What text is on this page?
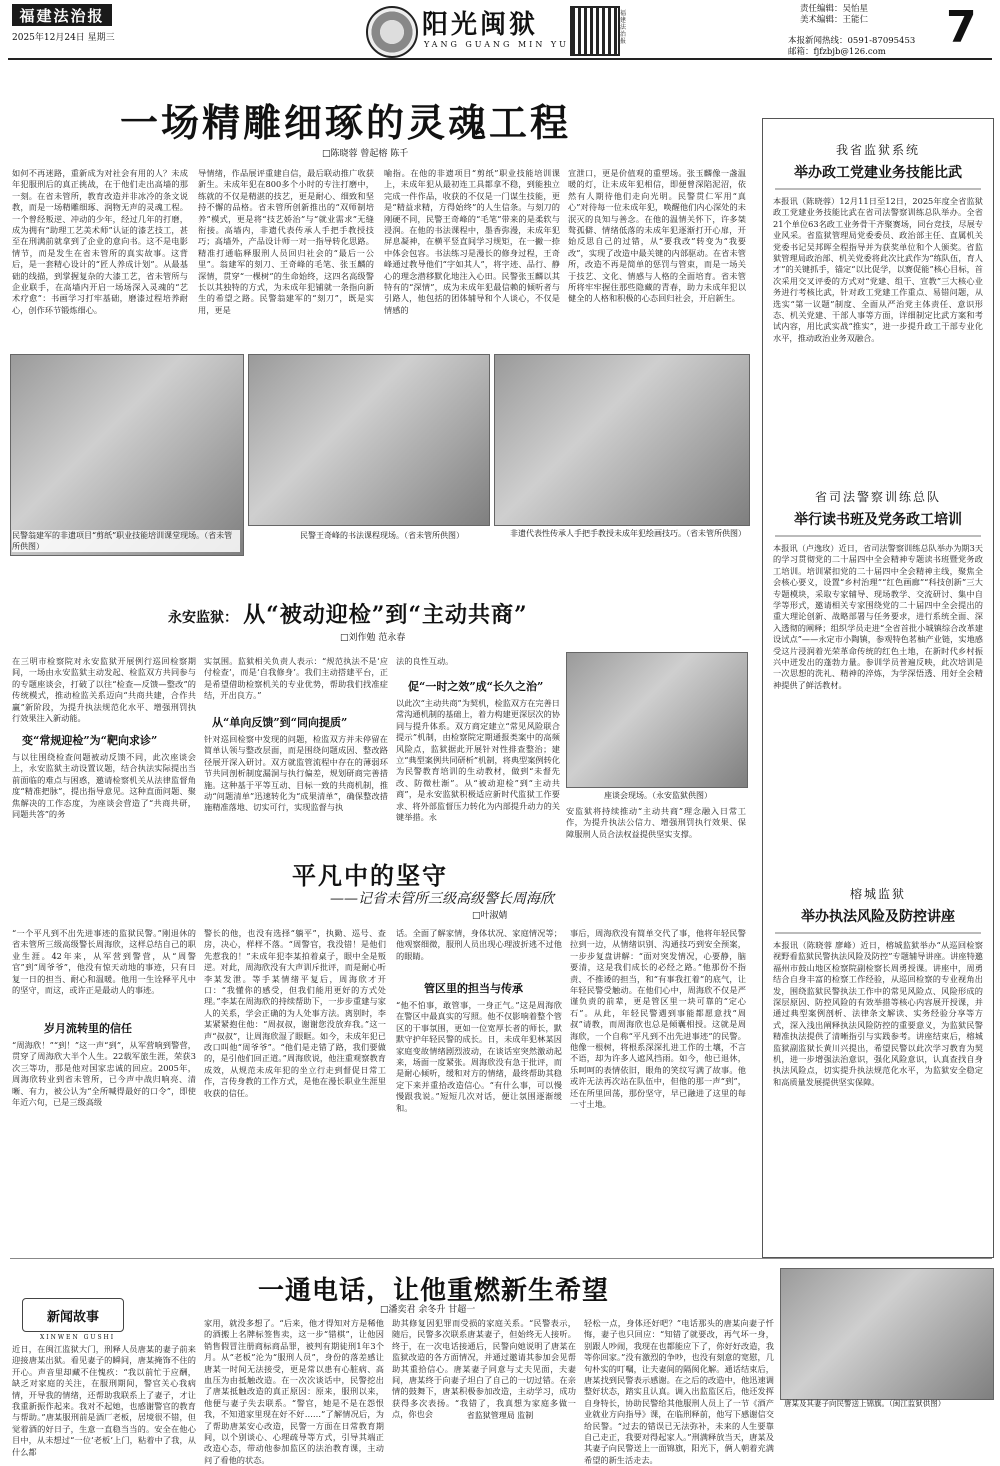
福建法治报
2025年12月24日 星期三	阳光闽狱
YANG GUANG MIN YU
福建法治报
责任编辑：吴怡星
美术编辑：王能仁
本报新闻热线：0591-87095453
邮箱：fjfzbjb@126.com	7
一场精雕细琢的灵魂工程
□陈晓蓉 曾起榕 陈千
如何不再迷路，重新成为对社会有用的人？未成年犯服刑后的真正挑战，在于他们走出高墙的那一刻。在省未管所，教育改造并非冰冷的条文说教，而是一场精雕细琢、润物无声的灵魂工程。一个曾经叛逆、冲动的少年，经过几年的打磨，成为拥有“助理工艺美术师”认证的漆艺技工，甚至在刑满前就拿到了企业的意向书。这不是电影情节，而是发生在省未管所的真实故事。这背后，是一套精心设计的“匠人养成计划”。从最基础的线描，到掌握复杂的大漆工艺，省未管所与企业联手，在高墙内开启一场场深入灵魂的“艺术疗愈”：书画学习打牢基础，磨漆过程培养耐心，创作环节锻炼细心。
导情绪，作品展评重建自信，最后联动推广收获新生。未成年犯在800多个小时的专注打磨中，练就的不仅是精湛的技艺，更是耐心、细致和坚持不懈的品格。省未管所创新推出的“双师制培养”模式，更是将“技艺娇治”与“就业需求”无缝衔接。高墙内，非遗代表传承人手把手教授技巧；高墙外，产品设计师一对一指导转化思路。精准打通临释服刑人员回归社会的“最后一公里”。翁建军的刻刀、王奇峰的毛笔、张玉麟的深情，贯穿“一棵树”的生命始终，这四名高级警长以其独特的方式，为未成年犯铺就一条指向新生的希望之路。民警翁建军的“刻刀”，既是实用，更是
喻指。在他的非遗项目“剪纸”职业技能培训课上，未成年犯从最初连工具都拿不稳，到能独立完成一件作品，收获的不仅是一门谋生技能，更是“精益求精，方得始终”的人生信条。与刻刀的刚硬不同，民警王奇峰的“毛笔”带来的是柔软与浸润。在他的书法课程中，墨香弥漫，未成年犯屏息凝神，在横平竖直间学习规矩，在一撇一捺中体会包容。书法练习是漫长的修身过程，王奇峰通过教导他们“字如其人”，将字迹、品行、静心的理念潜移默化地注入心田。民警张玉麟以其特有的“深情”，成为未成年犯最信赖的倾听者与引路人，他包括的团体辅导和个人谈心，不仅是情感的
宣泄口，更是价值观的重塑场。张玉麟像一盏温暖的灯，让未成年犯相信，即便曾深陷泥沼，依然有人期待他们走向光明。民警贯仁军用“真心”对待每一位未成年犯，唤醒他们内心深处的未泯灭的良知与善念。在他的温情关怀下，许多桀骜孤僻、情绪低落的未成年犯逐渐打开心扉，开始反思自己的过错，从“要我改”转变为“我要改”，实现了改造中最关键的内部驱动。在省未管所，改造不再是简单的惩罚与管束，而是一场关于技艺、文化、情感与人格的全面培育。省未管所将牢牢握住那些隐藏的青春，助力未成年犯以健全的人格和积极的心态回归社会，开启新生。
民警翁建军的非遗项目“剪纸”职业技能培训课堂现场。（省未管所供图）
民警王奇峰的书法课程现场。（省未管所供图）	非遗代表性传承人手把手教授未成年犯绘画技巧。（省未管所供图）
永安监狱： 从“被动迎检”到“主动共商”
□刘作勉 范永春
在三明市检察院对永安监狱开展例行巡回检察期间，一场由永安监狱主动发起、检监双方共同参与的专题座谈会，打破了以往“检查—反馈—整改”的传统模式，推动检监关系迈向“共商共建，合作共赢”新阶段，为提升执法规范化水平、增强刑罚执行效果注入新动能。
变“常规迎检”为“靶向求诊”
与以往围绕检查问题被动反馈不同，此次座谈会上，永安监狱主动设置议题，结合执法实际提出当前面临的难点与困惑，邀请检察机关从法律监督角度“精准把脉”，提出指导意见。这种直面问题、聚焦解决的工作态度，为座谈会营造了“共商共研，同题共答”的务
实氛围。监狱相关负责人表示：“规范执法不是‘应付检查’，而是‘自我修身’。我们主动搭建平台，正是希望借助检察机关的专业优势，帮助我们找准症结，开出良方。”
从“单向反馈”到“同向提质”
针对巡回检察中发现的问题，检监双方并未停留在简单认领与整改层面，而是围绕问题成因、整改路径展开深入研讨。双方就监管流程中存在的薄弱环节共同剖析制度漏洞与执行偏差，规划研商完善措施。这种基于平等互动、目标一致的共商机制，推动“问题清单”迅速转化为“成果清单”，确保整改措施精准落地、切实可行，实现监督与执
法的良性互动。
促“一时之效”成“长久之治”
以此次“主动共商”为契机，检监双方在完善日常沟通机制的基础上，着力构建更深层次的协同与提升体系。双方商定建立“常见风险联合提示”机制，由检察院定期通报类案中的高频风险点，监狱据此开展针对性排查整治；建立“典型案例共同研析”机制，将典型案例转化为民警教育培训的生动教材，做到“未督先改、防微杜渐”。从“被动迎检”到“主动共商”，是永安监狱积极适应新时代监狱工作要求、将外部监督压力转化为内部提升动力的关键举措。永
座谈会现场。（永安监狱供图）
安监狱将持续推动“主动共商”理念融入日常工作，为提升执法公信力、增强刑罚执行效果、保障服刑人员合法权益提供坚实支撑。
平凡中的坚守
——记省未管所三级高级警长周海欣
□叶淑婧
“一个平凡到不出先进事迹的监狱民警。”刚退休的省未管所三级高级警长周海欣，这样总结自己的职业生涯。42年来，从军营到警营，从“周警官”到“周爷爷”，他没有惊天动地的事迹，只有日复一日的担当、耐心和温暖。他用一生诠释平凡中的坚守，而这，或许正是最动人的事迹。
岁月流转里的信任
“周海欣！”“到！”这一声“到”，从军营响到警营，贯穿了周海欣大半个人生。22载军旅生涯，荣获3次三等功，那是他对国家忠诚的回应。2005年，周海欣转业到省未管所，已今声中战归响亮、清晰、有力，被公认为“全所喊得最好的口令”，即使年近六旬，已是三级高级
警长的他，也没有选择“躺平”，执勤、巡号、查房，决心，样样不落。“周警官，我没错！是他们先惹我的！”未成年犯李某拍着桌子，眼中全是叛逆。对此，周海欣没有大声训斥批评，而是耐心听李某发泄。等手某情绪平复后，周海欣才开口：“我懂你的感受，但我们能用更好的方式处理。”李某在周海欣的持续帮助下，一步步重建与家人的关系，学会正确的为人处事方法。离别时，李某紧紧抱住他：“周叔叔，谢谢您没放弃我。”这一声“叔叔”，让周海欣湿了眼眶。如今，未成年犯已改口叫他“周爷爷”。“他们是走错了路，我们要做的，是引他们回正道。”周海欣说，他注重观察教育成效，从规范未成年犯的坐立行走到督促日常工作，言传身教的工作方式，是他在漫长职业生涯里收获的信任。
话。全面了解家情，身体状况、家庭情况等；他观察细微，服刑人员出现心理波折逃不过他的眼睛。
管区里的担当与传承
“他不怕事，敢管事，一身正气。”这是周海欣在警区中最真实的写照。他不仅影响着整个管区的干事氛围，更如一位宽厚长者的师长，默默守护年轻民警的成长。日，未成年犯林某因家庭变故情绪剧烈波动，在谈话室突然激动起来，场面一度紧张。周海欣没有急于批评，而是耐心倾听，缓和对方的情绪，最终帮助其稳定下来并重拾改造信心。“有什么事，可以慢慢跟我说。”短短几次对话，便让氛围逐渐缓和。
事后，周海欣没有简单交代了事，他将年轻民警拉到一边，从情绪识别、沟通技巧到安全预案，一步步复盘讲解：“面对突发情况，心要静，脑要清，这是我们成长的必经之路。”他那份不指责、不推诿的担当，和“有事我扛着”的底气，让年轻民警受触动。在他们心中，周海欣不仅是严谨负责的前辈，更是管区里一块可靠的“定心石”。从此，年轻民警遇到事能都愿意找“周叔”请教，而周海欣也总是倾囊相授。这就是周海欣，一个自称“平凡到不出先进事迹”的民警。他像一根树，将根系深深扎进工作的土壤，不言不语，却为许多人遮风挡雨。如今，他已退休，乐呵呵的表情依旧，眼角的笑纹写满了故事。他或许无法再次站在队伍中，但他的那一声“到”，还在所里回荡，那份坚守，早已融进了这里的每一寸土地。
我省监狱系统
举办政工党建业务技能比武
本报讯（陈晓蓉）12月11日至12日，2025年度全省监狱政工党建业务技能比武在省司法警察训练总队举办。全省21个单位63名政工业务骨干齐聚赛场，同台竞技，尽展专业风采。省监狱管理局党委委员、政治部主任、直属机关党委书记吴邦晖全程指导并为获奖单位和个人颁奖。省监狱管理局政治部、机关党委将此次比武作为“练队伍，育人才”的关键抓手，锚定“以比促学，以赛促能”核心目标，首次采用交叉评委的方式对“党建、组干、宣教”三大核心业务进行考核比武，针对政工党建工作重点、易错问题，从选实“第一议题”制度、全面从严治党主体责任、意识形态、机关党建、干部人事等方面，详细制定比武方案和考试内容，用比武实战“推实”，进一步提升政工干部专业化水平，推动政治业务双融合。
省司法警察训练总队
举行读书班及党务政工培训
本报讯（卢逸玫）近日，省司法警察训练总队举办为期3天的学习贯彻党的二十届四中全会精神专题读书班暨党务政工培训。培训紧扣党的二十届四中全会精神主线，聚焦全会核心要义，设置“乡村治理”“红色画廊”“科技创新”三大专题模块，采取专家辅导、现场教学、交流研讨、集中自学等形式，邀请相关专家围绕党的二十届四中全会提出的重大理论创新、战略部署与任务要求，进行系统全面、深入透彻的阐释；组织学员走进“全省首批小城镇综合改革建设试点”——永定市小陶镇，参观特色茗柚产业链，实地感受这片浸润着光荣革命传统的红色土地，在新时代乡村振兴中迸发出的蓬勃力量。参训学员普遍反映，此次培训是一次思想的洗礼、精神的淬炼，为学深悟透、用好全会精神提供了鲜活教材。
榕城监狱
举办执法风险及防控讲座
本报讯（陈晓蓉 廖峰）近日，榕城监狱举办“从巡回检察视野看监狱民警执法风险及防控”专题辅导讲座。讲座特邀福州市鼓山地区检察院副检察长周勇授课。讲座中，周勇结合自身丰富的检察工作经验，从巡回检察的专业视角出发，围绕监狱民警执法工作中的常见风险点、风险形成的深层原因、防控风险的有效举措等核心内容展开授课，并通过典型案例剖析、法律条文解读、实务经验分享等方式，深入浅出阐释执法风险防控的重要意义，为监狱民警精准执法提供了清晰指引与实践参考。讲座结束后，榕城监狱副监狱长黄川兴提出，希望民警以此次学习教育为契机，进一步增强法治意识，强化风险意识，认真查找自身执法风险点，切实提升执法规范化水平，为监狱安全稳定和高质量发展提供坚实保障。
一通电话，让他重燃新生希望
□潘奕君 余冬升 甘超一
新闻故事
XINWEN GUSHI
近日，在闽江监狱大门，刑释人员唐某的妻子前来迎接唐某出狱。看见妻子的瞬间，唐某掩饰不住的开心。声音里却藏不住愧疚：“我以前忙于应酬，缺乏对家庭的关注，在服刑期间，警官关心我病情，开导我的情绪，还帮助我联系上了妻子，才让我重新振作起来。我对不起她，也感谢警官的教育与帮助。”唐某服刑前是酒厂老板，居境很不错，但觉着酒的好日子，生意一直稳当当的。安全在他心目中，从未想过“一位‘老板’上门，粘着中了我，从什么都
家用，就没多想了。“后来，他才得知对方是稀他的酒搬上名牌标签售卖，这一步“错棋”，让他因销售假冒注册商标商品罪，被判有期徒刑1年3个月。从“老板”沦为“服刑人员”，身份的落差感让唐某一时间无法接受，更是常以患有心脏病、高血压为由抵触改造。在一次次谈话中，民警挖出了唐某抵触改造的真正原因：原来，服刑以来，他便与妻子失去联系。“警官，她是不是在怨恨我，不知道家里现在好不好……”了解情况后，为了帮助唐某安心改造，民警一方面在日常教育期间，以个别谈心、心理疏导等方式，引导其端正改造心态，带动他参加监区的法治教育课，主动问了看他的状态。
助其修复因犯罪而受损的家庭关系。“民警表示，随后，民警多次联系唐某妻子，但始终无人接听。终于，在一次电话接通后，民警向她说明了唐某在监狱改造的各方面情况，并通过邀请其参加会见帮助其重拾信心。唐某妻子同意与丈夫见面，夫妻间，唐某终于向妻子坦白了自己的一切过错。在亲情的鼓舞下，唐某积极参加改造，主动学习，成功获得多次表扬。“我错了，我真想为家庭多做一点，你也会
轻松一点，身体还好吧？”电话那头的唐某向妻子忏悔，妻子也只回应：“知错了就要改，再气坏一身，别跟人吵闹，我现在也都能应下了，你好好改造，我等你回家。”没有激烈的争吵，也没有刻意的宽慰，几句朴实的叮嘱，让夫妻间的隔阂化解。通话结束后，唐某找到民警表示感谢。在之后的改造中，他迅速调整好状态，踏实且认真。调入出监监区后，他还发挥自身特长，协助民警给其他服刑人员上了一节《酒产业就业方向指导》课，在临刑释前，他写下感谢信交给民警。“过去的错误已无法弥补，未来的人生要靠自己走正，我要对得起家人。”刑满释放当天，唐某及其妻子向民警送上一面锦旗，阳光下，俩人朝着充满希望的新生活走去。
唐某及其妻子向民警送上锦旗。（闽江监狱供图）
省监狱管理局 监制
